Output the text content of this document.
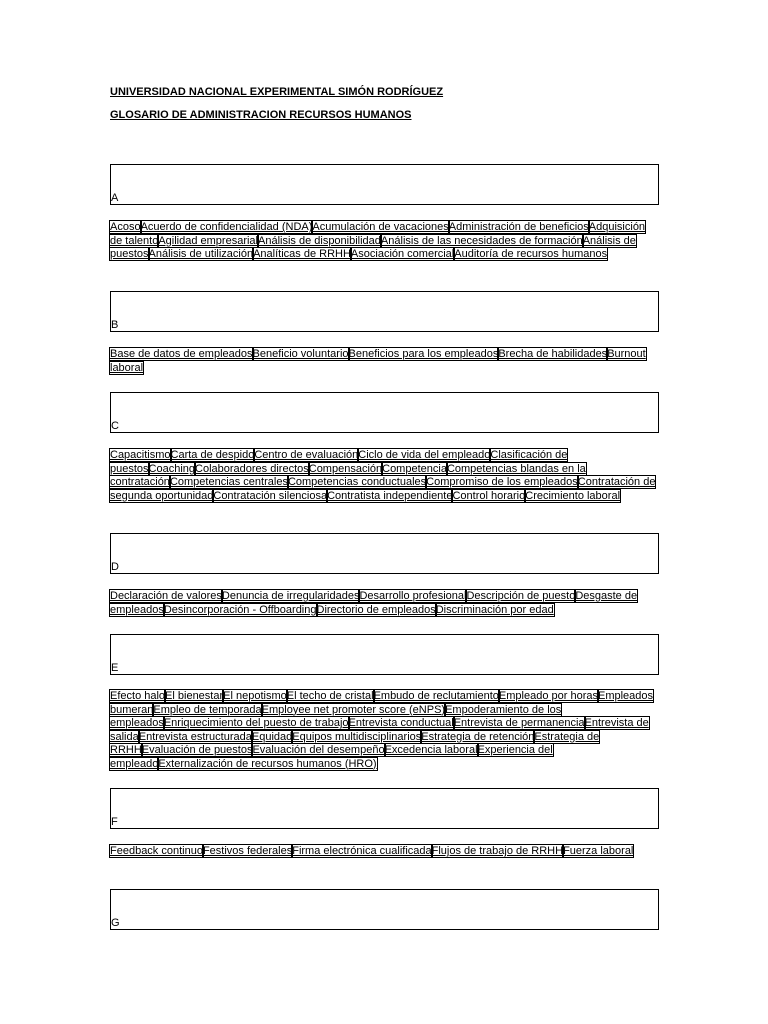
UNIVERSIDAD NACIONAL EXPERIMENTAL SIMÓN RODRÍGUEZ
GLOSARIO DE ADMINISTRACION RECURSOS HUMANOS
A
AcosoAcuerdo de confidencialidad (NDA)Acumulación de vacacionesAdministración de beneficiosAdquisición de talentoAgilidad empresarialAnálisis de disponibilidadAnálisis de las necesidades de formaciónAnálisis de puestosAnálisis de utilizaciónAnalíticas de RRHHAsociación comercialAuditoría de recursos humanos
B
Base de datos de empleadosBeneficio voluntarioBeneficios para los empleadosBrecha de habilidadesBurnout laboral
C
CapacitismoCarta de despidoCentro de evaluaciónCiclo de vida del empleadoClasificación de puestosCoachingColaboradores directosCompensaciónCompetenciaCompetencias blandas en la contrataciónCompetencias centralesCompetencias conductualesCompromiso de los empleadosContratación de segunda oportunidadContratación silenciosaContratista independienteControl horarioCrecimiento laboral
D
Declaración de valoresDenuncia de irregularidadesDesarrollo profesionalDescripción de puestoDesgaste de empleadosDesincorporación - OffboardingDirectorio de empleadosDiscriminación por edad
E
Efecto haloEl bienestarEl nepotismoEl techo de cristalEmbudo de reclutamientoEmpleado por horasEmpleados bumeranEmpleo de temporadaEmployee net promoter score (eNPS)Empoderamiento de los empleadosEnriquecimiento del puesto de trabajoEntrevista conductualEntrevista de permanenciaEntrevista de salidaEntrevista estructuradaEquidadEquipos multidisciplinariosEstrategia de retenciónEstrategia de RRHHEvaluación de puestosEvaluación del desempeñoExcedencia laboralExperiencia del empleadoExternalización de recursos humanos (HRO)
F
Feedback continuoFestivos federalesFirma electrónica cualificadaFlujos de trabajo de RRHHFuerza laboral
G
